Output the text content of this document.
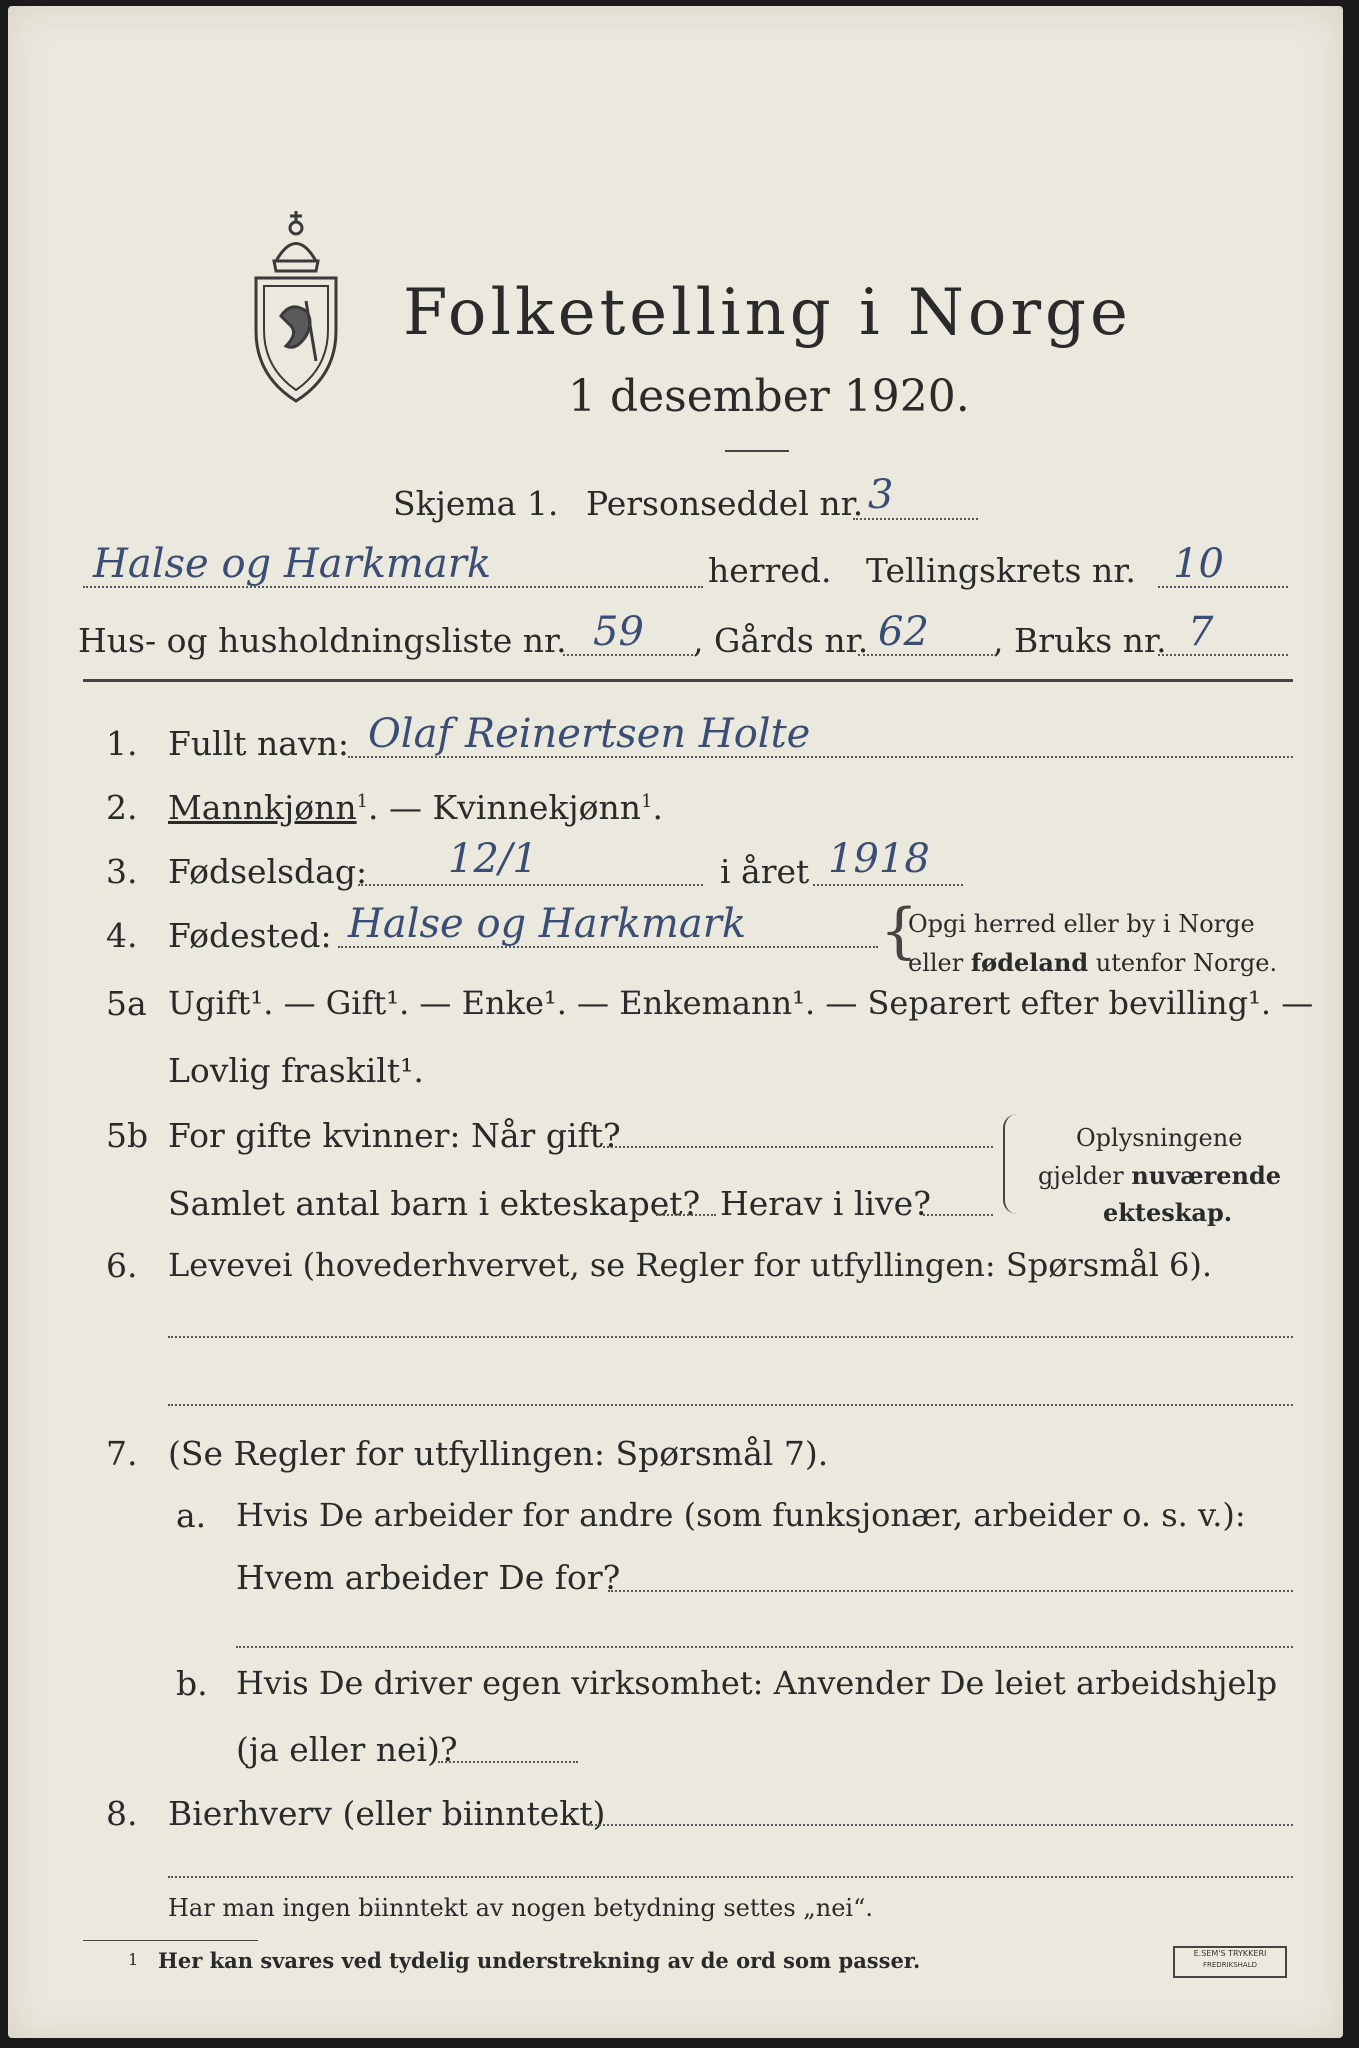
Folketelling i Norge
1 desember 1920.
Skjema 1. Personseddel nr. 3
Halse og Harkmark	herred. Tellingskrets nr. 10
Hus- og husholdningsliste nr. 59 , Gårds nr. 62 , Bruks nr. 7
1. Fullt navn: Olaf Reinertsen Holte
2. Mannkjønn$^1$. — Kvinnekjønn$^1$.
3. Fødselsdag: 12/1	i året 1918
4. Fødested: Halse og Harkmark {
Opgi herred eller by i Norge
eller fødeland utenfor Norge.
5a Ugift¹. — Gift¹. — Enke¹. — Enkemann¹. — Separert efter bevilling¹. —
Lovlig fraskilt¹.
5b For gifte kvinner: Når gift?
Samlet antal barn i ekteskapet? Herav i live?
Oplysningene
gjelder nuværende
ekteskap.
6. Levevei (hovederhvervet, se Regler for utfyllingen: Spørsmål 6).
7. (Se Regler for utfyllingen: Spørsmål 7).
a. Hvis De arbeider for andre (som funksjonær, arbeider o. s. v.):
Hvem arbeider De for?
b. Hvis De driver egen virksomhet: Anvender De leiet arbeidshjelp
(ja eller nei)?
8. Bierhverv (eller biinntekt)
Har man ingen biinntekt av nogen betydning settes „nei“.
1 Her kan svares ved tydelig understrekning av de ord som passer.	E.SEM'S TRYKKERI
FREDRIKSHALD
